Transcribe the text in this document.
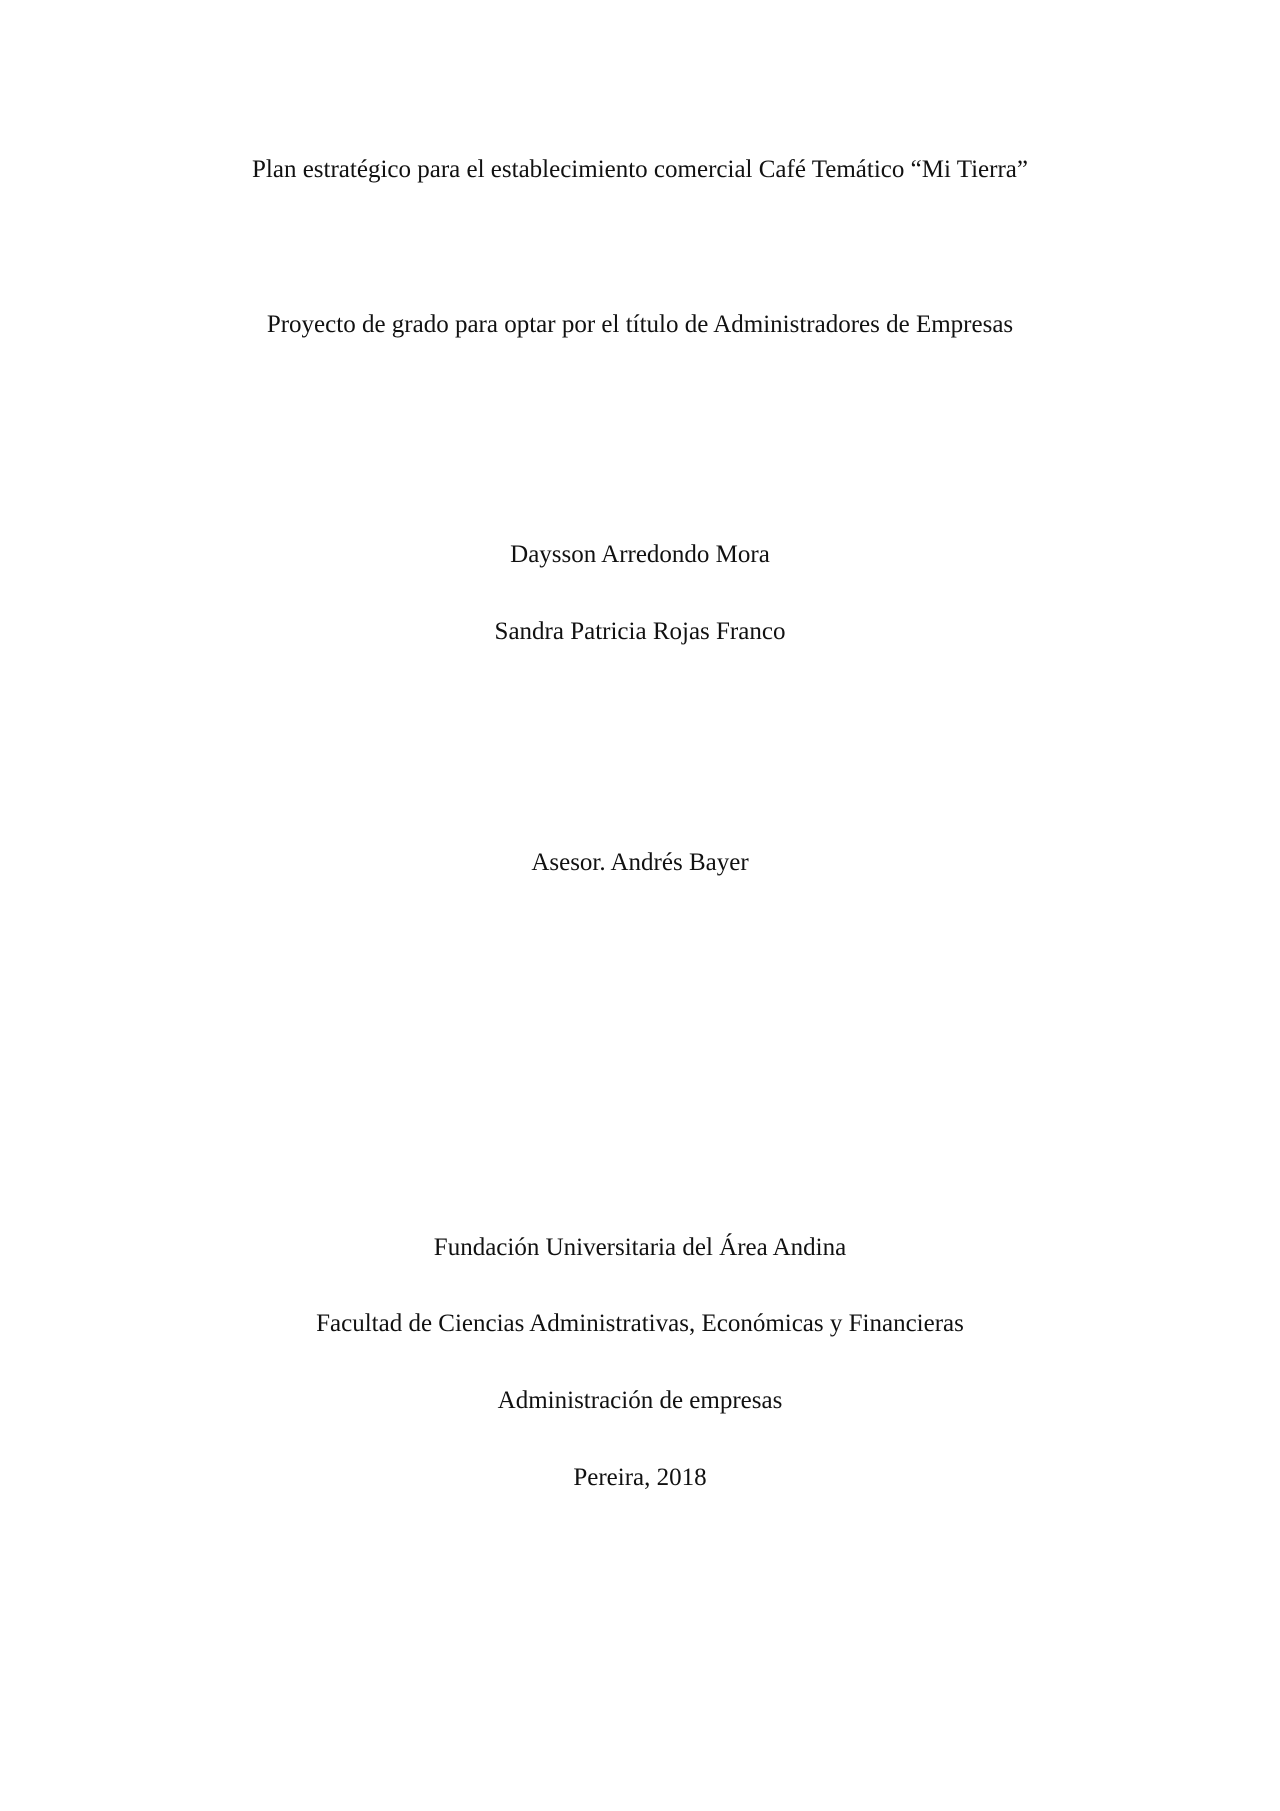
Plan estratégico para el establecimiento comercial Café Temático “Mi Tierra”
Proyecto de grado para optar por el título de Administradores de Empresas
Daysson Arredondo Mora
Sandra Patricia Rojas Franco
Asesor. Andrés Bayer
Fundación Universitaria del Área Andina
Facultad de Ciencias Administrativas, Económicas y Financieras
Administración de empresas
Pereira, 2018
